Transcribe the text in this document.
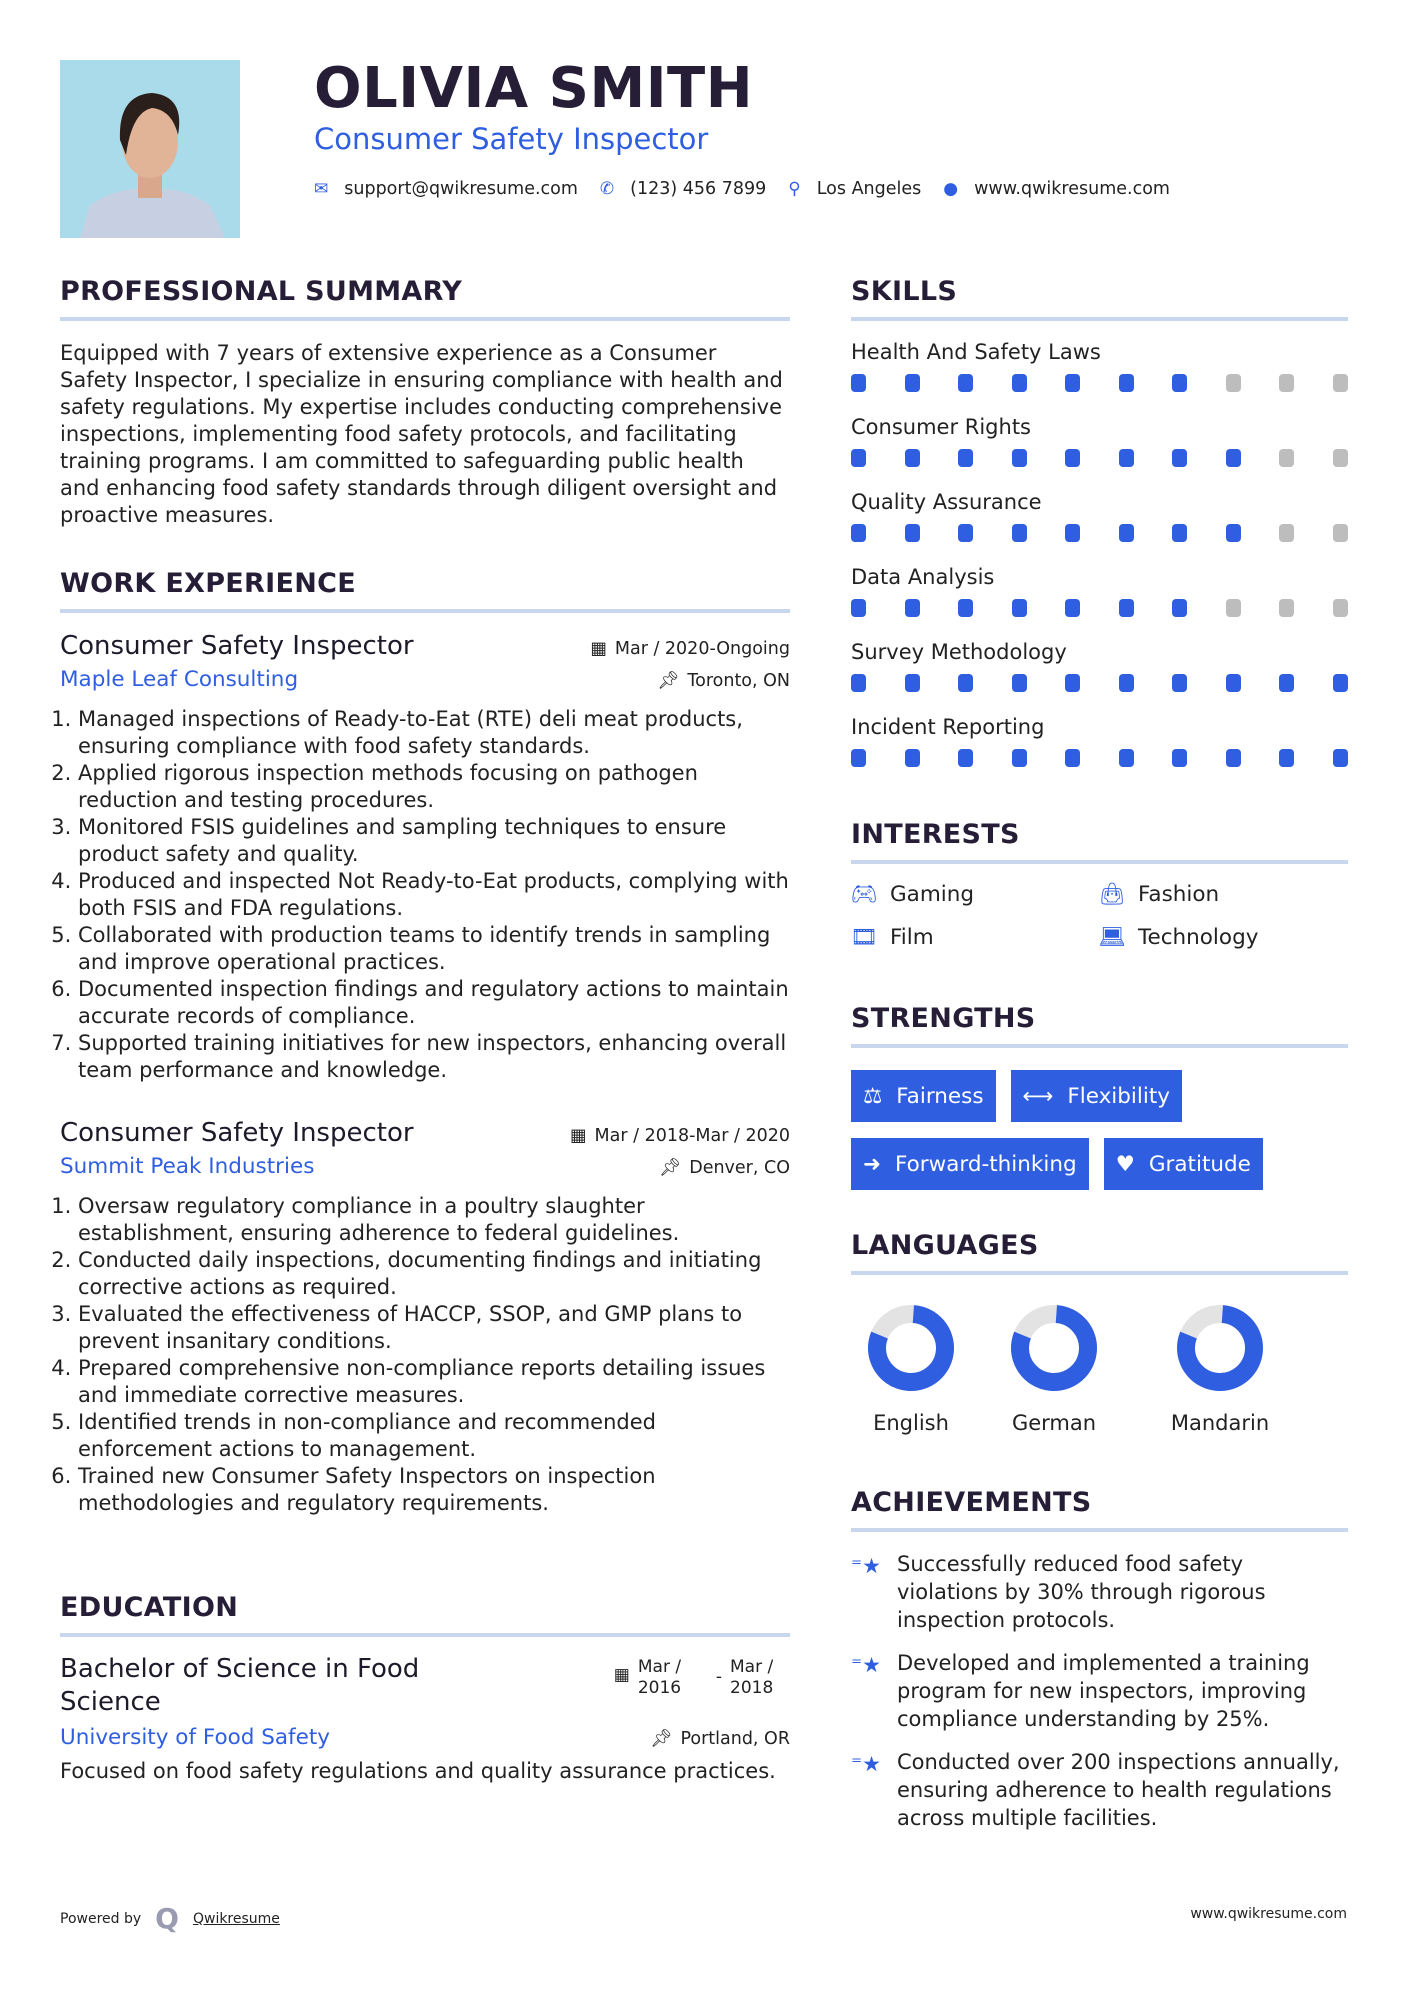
OLIVIA SMITH
Consumer Safety Inspector
✉ support@qwikresume.com ✆ (123) 456 7899 ⚲ Los Angeles ● www.qwikresume.com
PROFESSIONAL SUMMARY
Equipped with 7 years of extensive experience as a Consumer Safety Inspector, I specialize in ensuring compliance with health and safety regulations. My expertise includes conducting comprehensive inspections, implementing food safety protocols, and facilitating training programs. I am committed to safeguarding public health and enhancing food safety standards through diligent oversight and proactive measures.
WORK EXPERIENCE
Consumer Safety Inspector	▦ Mar / 2020-Ongoing
Maple Leaf Consulting	📌︎ Toronto, ON
1. Managed inspections of Ready-to-Eat (RTE) deli meat products, ensuring compliance with food safety standards.
2. Applied rigorous inspection methods focusing on pathogen reduction and testing procedures.
3. Monitored FSIS guidelines and sampling techniques to ensure product safety and quality.
4. Produced and inspected Not Ready-to-Eat products, complying with both FSIS and FDA regulations.
5. Collaborated with production teams to identify trends in sampling and improve operational practices.
6. Documented inspection findings and regulatory actions to maintain accurate records of compliance.
7. Supported training initiatives for new inspectors, enhancing overall team performance and knowledge.
Consumer Safety Inspector	▦ Mar / 2018-Mar / 2020
Summit Peak Industries	📌︎ Denver, CO
1. Oversaw regulatory compliance in a poultry slaughter establishment, ensuring adherence to federal guidelines.
2. Conducted daily inspections, documenting findings and initiating corrective actions as required.
3. Evaluated the effectiveness of HACCP, SSOP, and GMP plans to prevent insanitary conditions.
4. Prepared comprehensive non-compliance reports detailing issues and immediate corrective measures.
5. Identified trends in non-compliance and recommended enforcement actions to management.
6. Trained new Consumer Safety Inspectors on inspection methodologies and regulatory requirements.
EDUCATION
Bachelor of Science in Food Science
▦ Mar / 2016
- Mar / 2018
University of Food Safety	📌︎ Portland, OR
Focused on food safety regulations and quality assurance practices.
SKILLS
Health And Safety Laws
Consumer Rights
Quality Assurance
Data Analysis
Survey Methodology
Incident Reporting
INTERESTS
🎮︎ Gaming	👜︎ Fashion
🎞︎ Film	💻︎ Technology
STRENGTHS
⚖ Fairness ⟷ Flexibility
➜ Forward-thinking ♥ Gratitude
LANGUAGES
English	German	Mandarin
ACHIEVEMENTS
⁼★ Successfully reduced food safety violations by 30% through rigorous inspection protocols.
⁼★ Developed and implemented a training program for new inspectors, improving compliance understanding by 25%.
⁼★ Conducted over 200 inspections annually, ensuring adherence to health regulations across multiple facilities.
Powered by Q Qwikresume	www.qwikresume.com
